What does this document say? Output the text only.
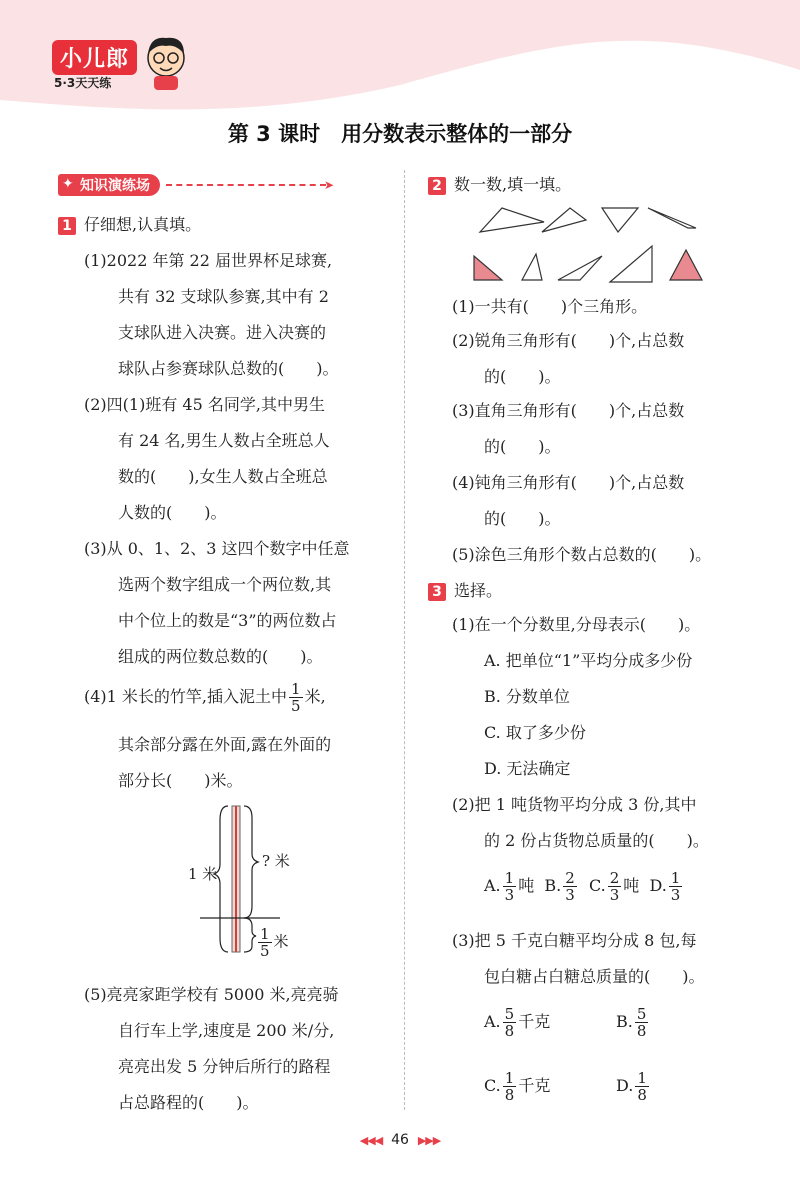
小儿郎
5·3天天练
第 3 课时　用分数表示整体的一部分
✦ 知识演练场	➤
1 仔细想,认真填。
(1)2022 年第 22 届世界杯足球赛,
共有 32 支球队参赛,其中有 2
支球队进入决赛。进入决赛的
球队占参赛球队总数的(　　)。
(2)四(1)班有 45 名同学,其中男生
有 24 名,男生人数占全班总人
数的(　　),女生人数占全班总
人数的(　　)。
(3)从 0、1、2、3 这四个数字中任意
选两个数字组成一个两位数,其
中个位上的数是“3”的两位数占
组成的两位数总数的(　　)。
(4)1 米长的竹竿,插入泥土中 $\frac{1}{5}$ 米,
其余部分露在外面,露在外面的
部分长(　　)米。
1 米
? 米
$\frac{1}{5}$ 米
(5)亮亮家距学校有 5000 米,亮亮骑
自行车上学,速度是 200 米/分,
亮亮出发 5 分钟后所行的路程
占总路程的(　　)。
2 数一数,填一填。
(1)一共有(　　)个三角形。
(2)锐角三角形有(　　)个,占总数
的(　　)。
(3)直角三角形有(　　)个,占总数
的(　　)。
(4)钝角三角形有(　　)个,占总数
的(　　)。
(5)涂色三角形个数占总数的(　　)。
3 选择。
(1)在一个分数里,分母表示(　　)。
A. 把单位“1”平均分成多少份
B. 分数单位
C. 取了多少份
D. 无法确定
(2)把 1 吨货物平均分成 3 份,其中
的 2 份占货物总质量的(　　)。
A. $\frac{1}{3}$ 吨 B. $\frac{2}{3} C$. $\frac{2}{3}$ 吨 D. $\frac{1}{3}$
(3)把 5 千克白糖平均分成 8 包,每
包白糖占白糖总质量的(　　)。
A. $\frac{5}{8}$ 千克	B. $\frac{5}{8}$
C. $\frac{1}{8}$ 千克	D. $\frac{1}{8}$
◀◀◀ 46 ▶▶▶
